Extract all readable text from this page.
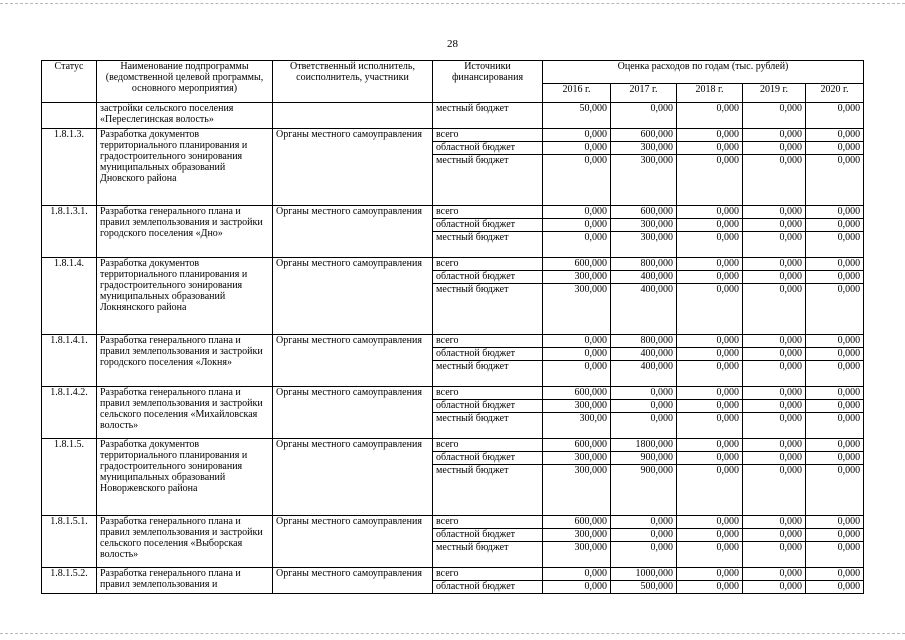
28
Статус	Наименование подпрограммы (ведомственной целевой программы, основного мероприятия)	Ответственный исполнитель, соисполнитель, участники	Источники финансирования	Оценка расходов по годам (тыс. рублей)				
				2016 г.	2017 г.	2018 г.	2019 г.	2020 г.
	застройки сельского поселения «Переслегинская волость»		местный бюджет	50,000	0,000	0,000	0,000	0,000
1.8.1.3.	Разработка документов территориального планирования и градостроительного зонирования муниципальных образований Дновского района	Органы местного самоуправления	всего	0,000	600,000	0,000	0,000	0,000
			областной бюджет	0,000	300,000	0,000	0,000	0,000
			местный бюджет	0,000	300,000	0,000	0,000	0,000
1.8.1.3.1.	Разработка генерального плана и правил землепользования и застройки городского поселения «Дно»	Органы местного самоуправления	всего	0,000	600,000	0,000	0,000	0,000
			областной бюджет	0,000	300,000	0,000	0,000	0,000
			местный бюджет	0,000	300,000	0,000	0,000	0,000
1.8.1.4.	Разработка документов территориального планирования и градостроительного зонирования муниципальных образований Локнянского района	Органы местного самоуправления	всего	600,000	800,000	0,000	0,000	0,000
			областной бюджет	300,000	400,000	0,000	0,000	0,000
			местный бюджет	300,000	400,000	0,000	0,000	0,000
1.8.1.4.1.	Разработка генерального плана и правил землепользования и застройки городского поселения «Локня»	Органы местного самоуправления	всего	0,000	800,000	0,000	0,000	0,000
			областной бюджет	0,000	400,000	0,000	0,000	0,000
			местный бюджет	0,000	400,000	0,000	0,000	0,000
1.8.1.4.2.	Разработка генерального плана и правил землепользования и застройки сельского поселения «Михайловская волость»	Органы местного самоуправления	всего	600,000	0,000	0,000	0,000	0,000
			областной бюджет	300,000	0,000	0,000	0,000	0,000
			местный бюджет	300,00	0,000	0,000	0,000	0,000
1.8.1.5.	Разработка документов территориального планирования и градостроительного зонирования муниципальных образований Новоржевского района	Органы местного самоуправления	всего	600,000	1800,000	0,000	0,000	0,000
			областной бюджет	300,000	900,000	0,000	0,000	0,000
			местный бюджет	300,000	900,000	0,000	0,000	0,000
1.8.1.5.1.	Разработка генерального плана и правил землепользования и застройки сельского поселения «Выборская волость»	Органы местного самоуправления	всего	600,000	0,000	0,000	0,000	0,000
			областной бюджет	300,000	0,000	0,000	0,000	0,000
			местный бюджет	300,000	0,000	0,000	0,000	0,000
1.8.1.5.2.	Разработка генерального плана и правил землепользования и	Органы местного самоуправления	всего	0,000	1000,000	0,000	0,000	0,000
			областной бюджет	0,000	500,000	0,000	0,000	0,000
